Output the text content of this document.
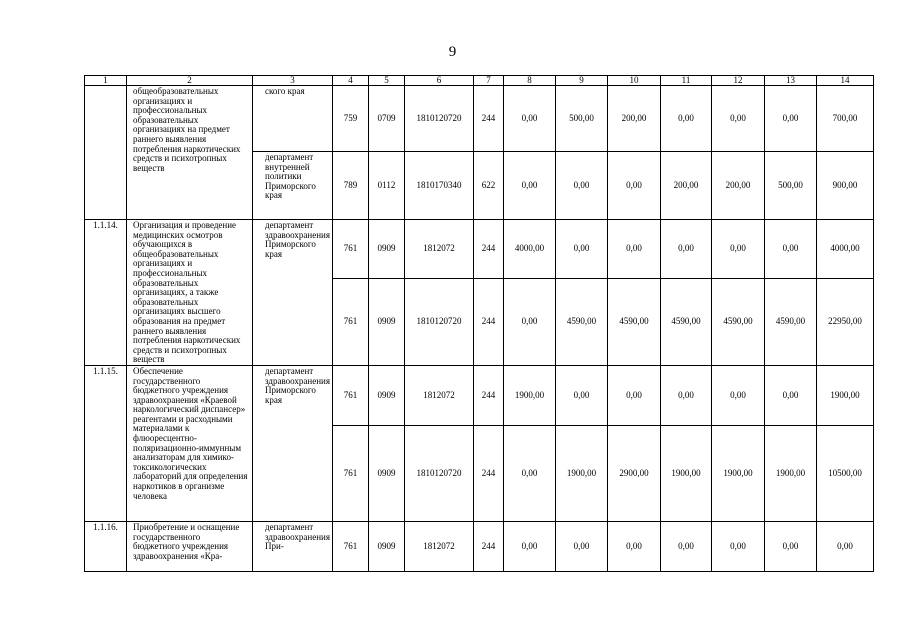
9
1	2	3	4	5	6	7	8	9	10	11	12	13	14
	общеобразовательных организациях и профессиональных образовательных организациях на предмет раннего выявления потребления наркотических средств и психотропных веществ	ского края	759	0709	1810120720	244	0,00	500,00	200,00	0,00	0,00	0,00	700,00
		департамент внутренней политики Приморского края	789	0112	1810170340	622	0,00	0,00	0,00	200,00	200,00	500,00	900,00
1.1.14.	Организация и проведение медицинских осмотров обучающихся в общеобразовательных организациях и профессиональных образовательных организациях, а также образовательных организациях высшего образования на предмет раннего выявления потребления наркотических средств и психотропных веществ	департамент здравоохранения Приморского края	761	0909	1812072	244	4000,00	0,00	0,00	0,00	0,00	0,00	4000,00
			761	0909	1810120720	244	0,00	4590,00	4590,00	4590,00	4590,00	4590,00	22950,00
1.1.15.	Обеспечение государственного бюджетного учреждения здравоохранения «Краевой наркологический диспансер» реагентами и расходными материалами к флюоресцентно-поляризационно-иммунным анализаторам для химико-токсикологических лабораторий для определения наркотиков в организме человека	департамент здравоохранения Приморского края	761	0909	1812072	244	1900,00	0,00	0,00	0,00	0,00	0,00	1900,00
			761	0909	1810120720	244	0,00	1900,00	2900,00	1900,00	1900,00	1900,00	10500,00
1.1.16.	Приобретение и оснащение государственного бюджетного учреждения здравоохранения «Кра-	департамент здравоохранения При-	761	0909	1812072	244	0,00	0,00	0,00	0,00	0,00	0,00	0,00
